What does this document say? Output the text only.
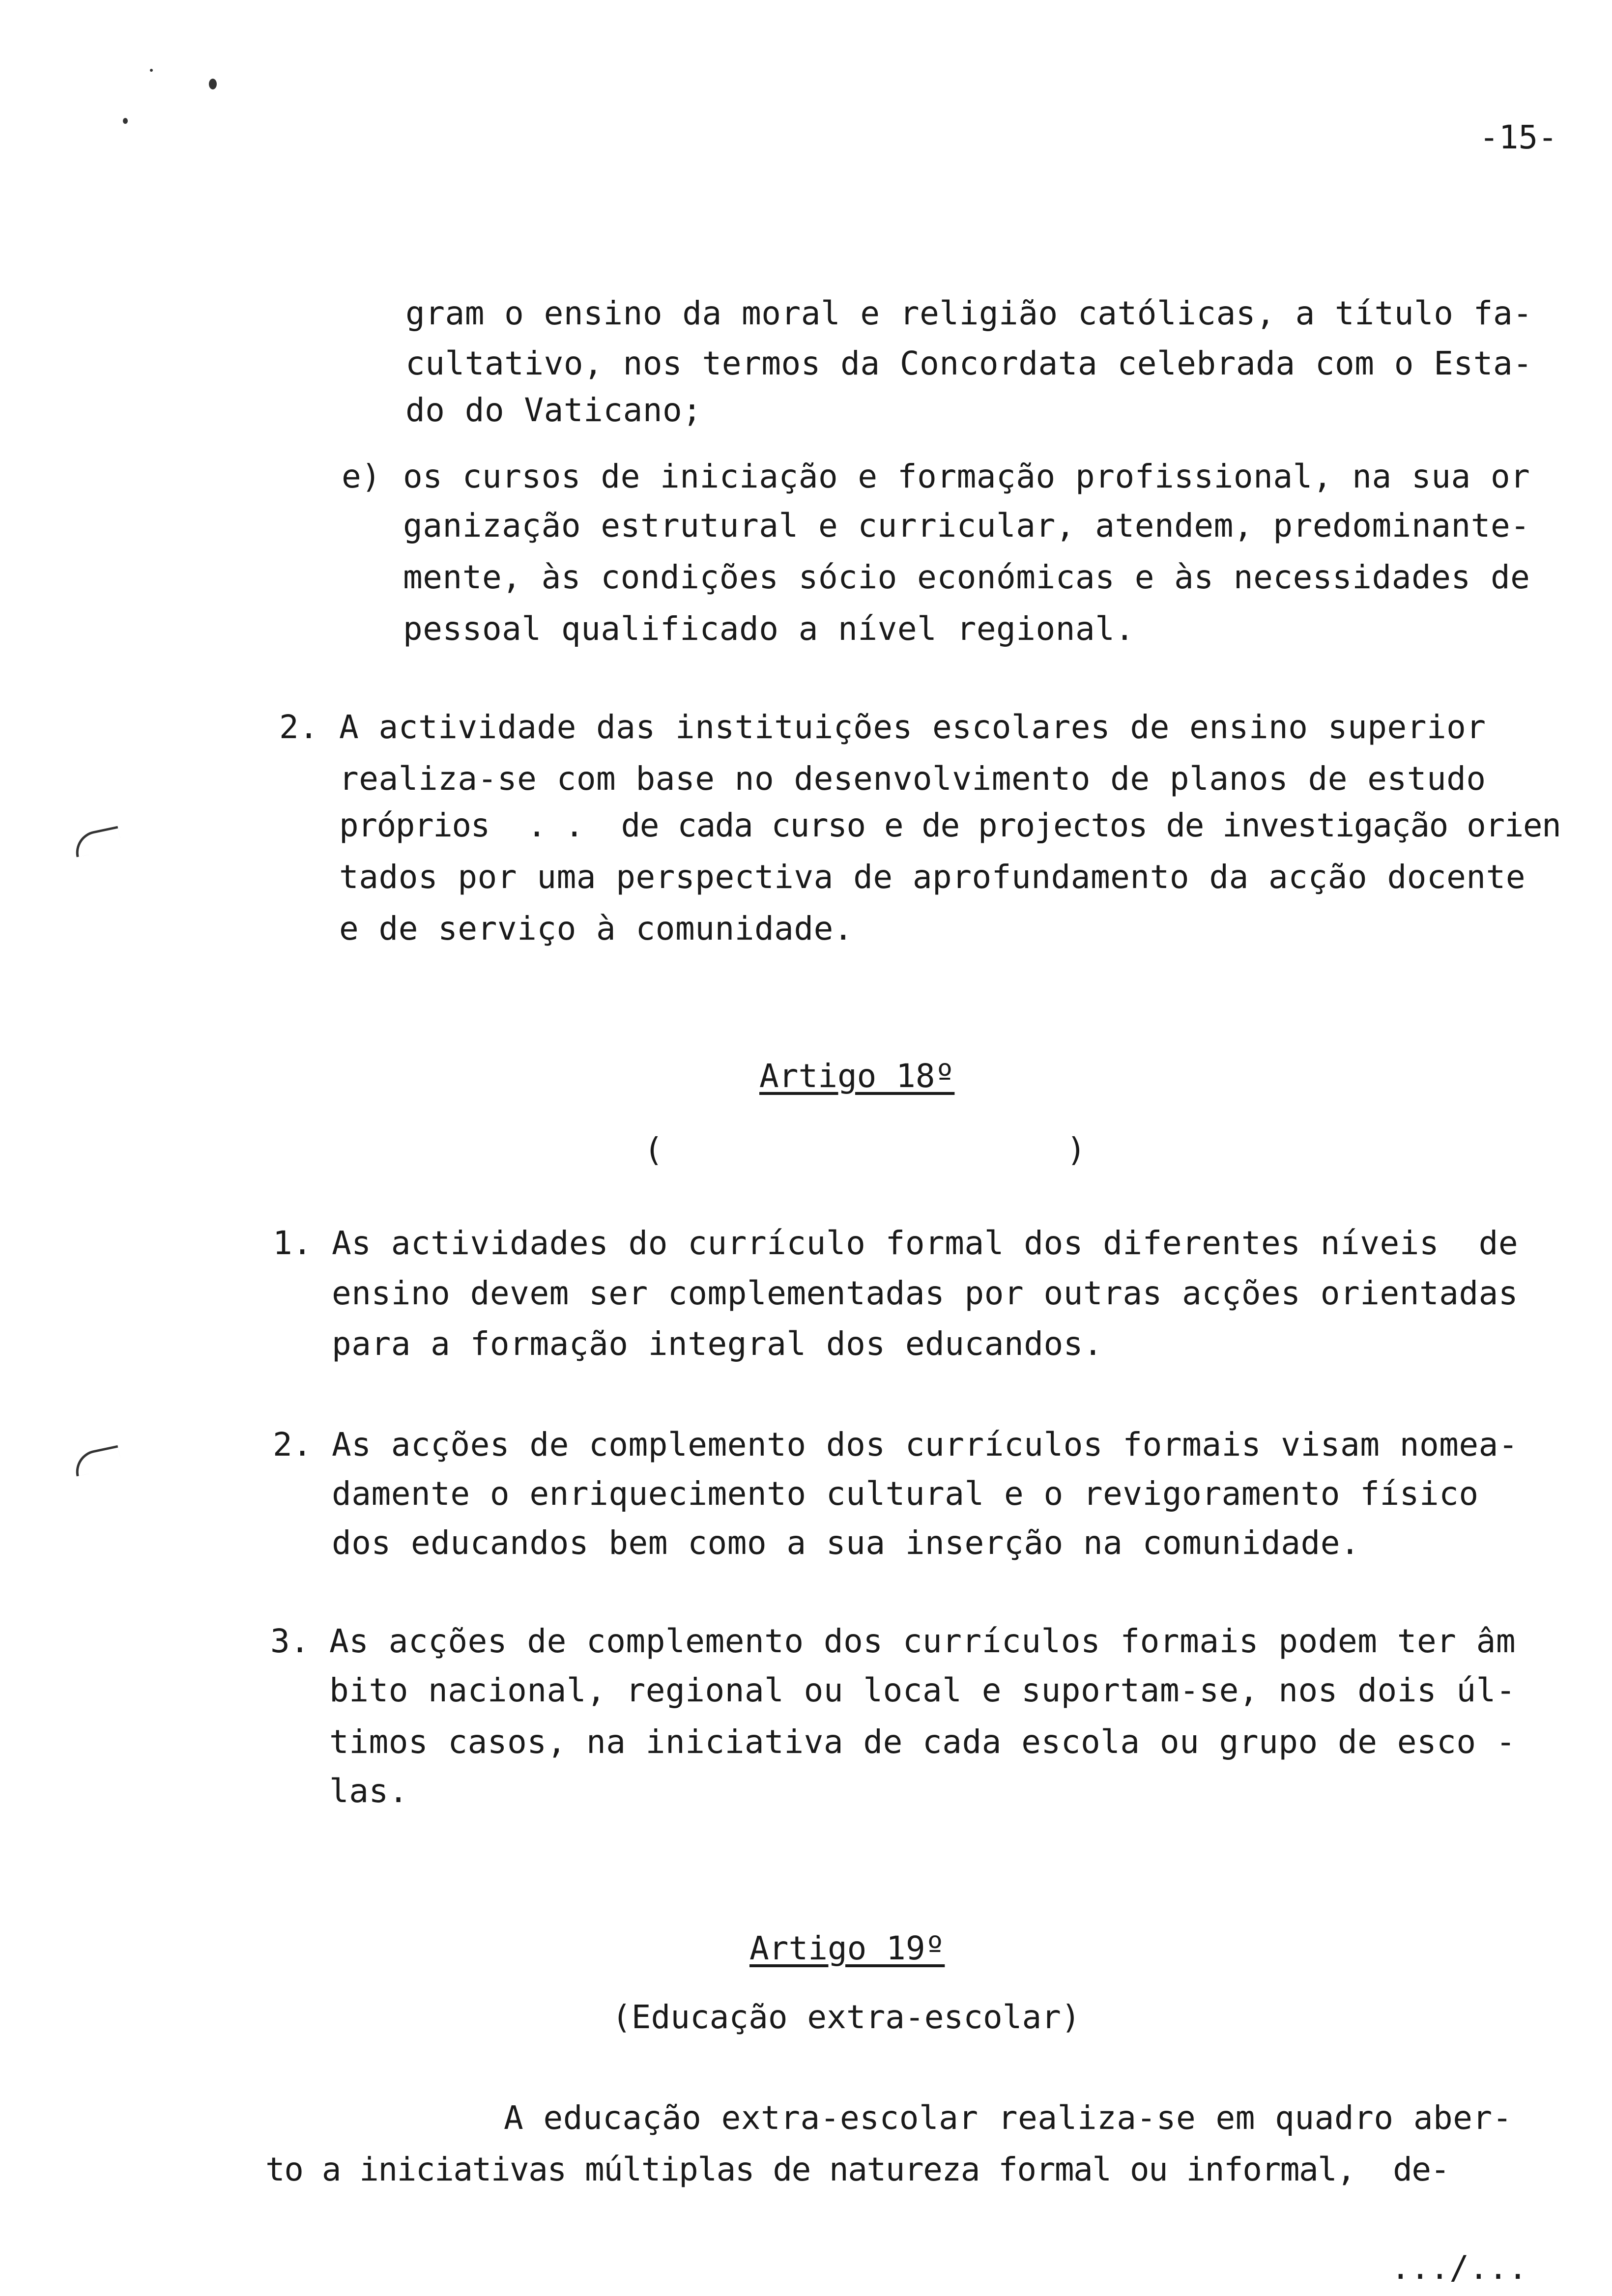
-15-
gram o ensino da moral e religião católicas, a título fa-
cultativo, nos termos da Concordata celebrada com o Esta-
do do Vaticano;
e) os cursos de iniciação e formação profissional, na sua or
ganização estrutural e curricular, atendem, predominante-
mente, às condições sócio económicas e às necessidades de
pessoal qualificado a nível regional.
2. A actividade das instituições escolares de ensino superior
realiza-se com base no desenvolvimento de planos de estudo
próprios  . .  de cada curso e de projectos de investigação orien
tados por uma perspectiva de aprofundamento da acção docente
e de serviço à comunidade.
Artigo 18º
(	)
1. As actividades do currículo formal dos diferentes níveis  de
ensino devem ser complementadas por outras acções orientadas
para a formação integral dos educandos.
2. As acções de complemento dos currículos formais visam nomea-
damente o enriquecimento cultural e o revigoramento físico
dos educandos bem como a sua inserção na comunidade.
3. As acções de complemento dos currículos formais podem ter âm
bito nacional, regional ou local e suportam-se, nos dois úl-
timos casos, na iniciativa de cada escola ou grupo de esco -
las.
Artigo 19º
(Educação extra-escolar)
A educação extra-escolar realiza-se em quadro aber-
to a iniciativas múltiplas de natureza formal ou informal,  de-
.../...
